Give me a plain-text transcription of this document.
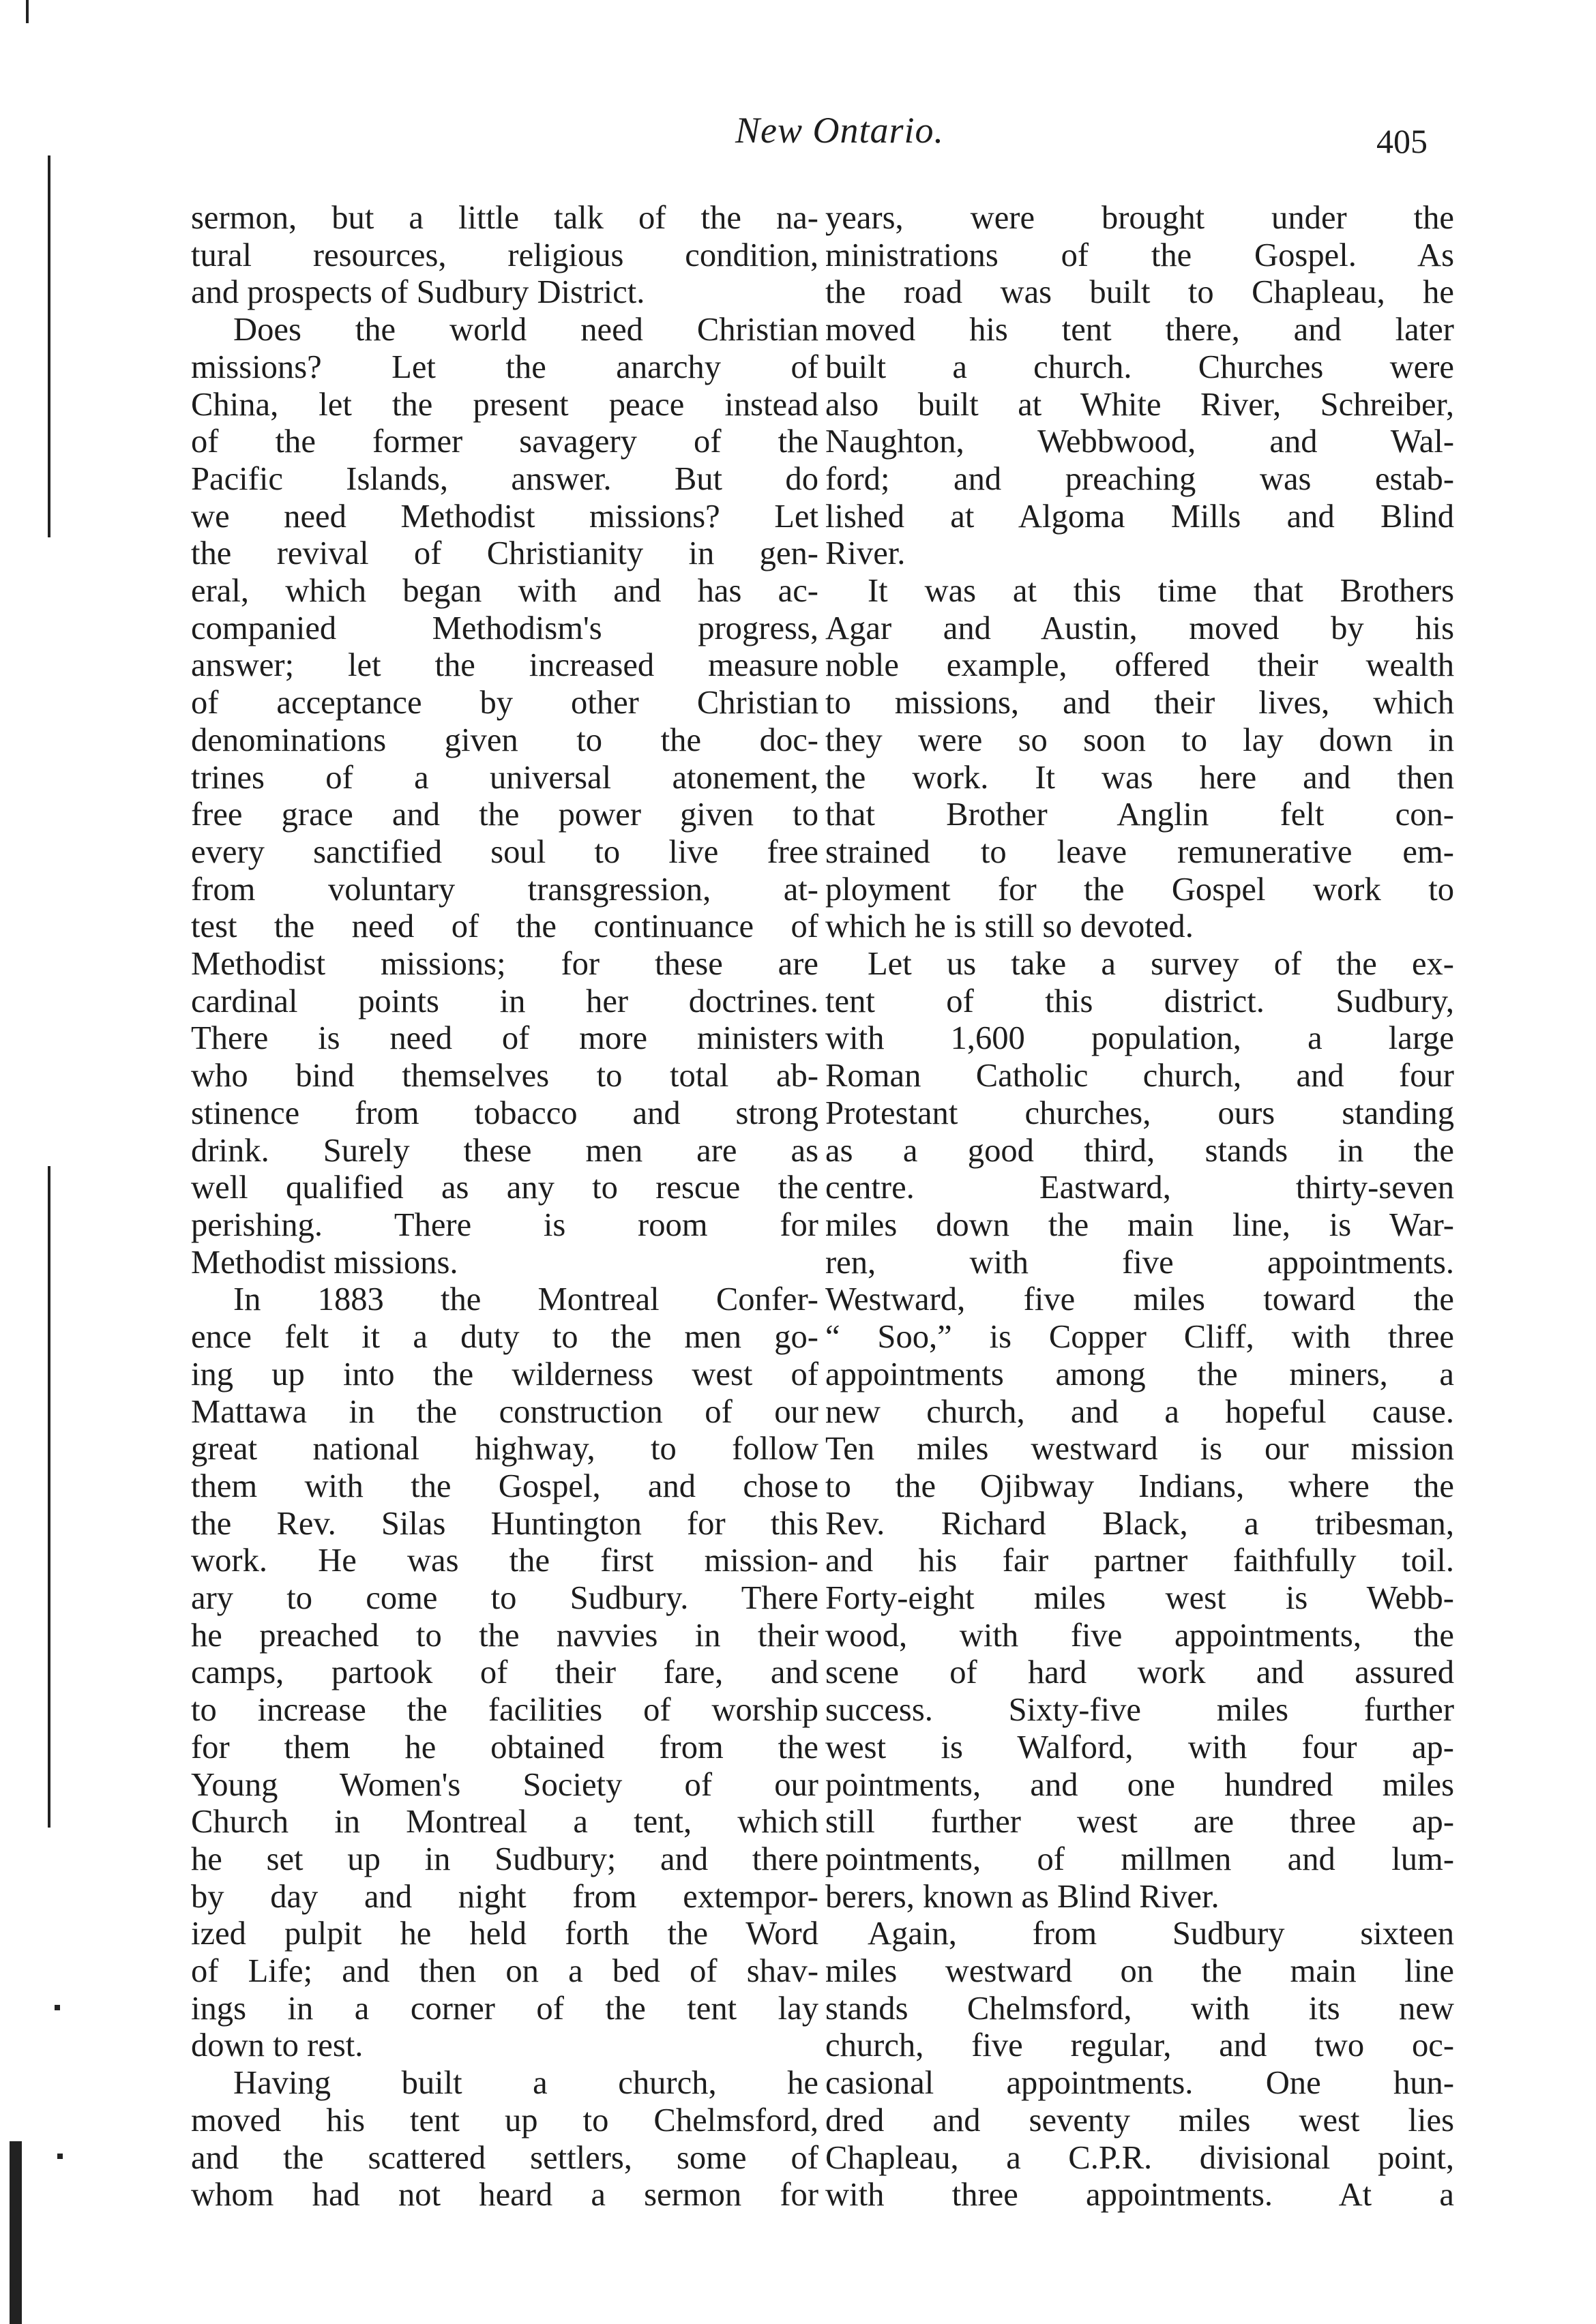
New Ontario.	405
sermon, but a little talk of the na-
tural resources, religious condition,
and prospects of Sudbury District.
Does the world need Christian
missions? Let the anarchy of
China, let the present peace instead
of the former savagery of the
Pacific Islands, answer. But do
we need Methodist missions? Let
the revival of Christianity in gen-
eral, which began with and has ac-
companied Methodism's progress,
answer; let the increased measure
of acceptance by other Christian
denominations given to the doc-
trines of a universal atonement,
free grace and the power given to
every sanctified soul to live free
from voluntary transgression, at-
test the need of the continuance of
Methodist missions; for these are
cardinal points in her doctrines.
There is need of more ministers
who bind themselves to total ab-
stinence from tobacco and strong
drink. Surely these men are as
well qualified as any to rescue the
perishing. There is room for
Methodist missions.
In 1883 the Montreal Confer-
ence felt it a duty to the men go-
ing up into the wilderness west of
Mattawa in the construction of our
great national highway, to follow
them with the Gospel, and chose
the Rev. Silas Huntington for this
work. He was the first mission-
ary to come to Sudbury. There
he preached to the navvies in their
camps, partook of their fare, and
to increase the facilities of worship
for them he obtained from the
Young Women's Society of our
Church in Montreal a tent, which
he set up in Sudbury; and there
by day and night from extempor-
ized pulpit he held forth the Word
of Life; and then on a bed of shav-
ings in a corner of the tent lay
down to rest.
Having built a church, he
moved his tent up to Chelmsford,
and the scattered settlers, some of
whom had not heard a sermon for
years, were brought under the
ministrations of the Gospel. As
the road was built to Chapleau, he
moved his tent there, and later
built a church. Churches were
also built at White River, Schreiber,
Naughton, Webbwood, and Wal-
ford; and preaching was estab-
lished at Algoma Mills and Blind
River.
It was at this time that Brothers
Agar and Austin, moved by his
noble example, offered their wealth
to missions, and their lives, which
they were so soon to lay down in
the work. It was here and then
that Brother Anglin felt con-
strained to leave remunerative em-
ployment for the Gospel work to
which he is still so devoted.
Let us take a survey of the ex-
tent of this district. Sudbury,
with 1,600 population, a large
Roman Catholic church, and four
Protestant churches, ours standing
as a good third, stands in the
centre. Eastward, thirty-seven
miles down the main line, is War-
ren, with five appointments.
Westward, five miles toward the
“ Soo,” is Copper Cliff, with three
appointments among the miners, a
new church, and a hopeful cause.
Ten miles westward is our mission
to the Ojibway Indians, where the
Rev. Richard Black, a tribesman,
and his fair partner faithfully toil.
Forty-eight miles west is Webb-
wood, with five appointments, the
scene of hard work and assured
success. Sixty-five miles further
west is Walford, with four ap-
pointments, and one hundred miles
still further west are three ap-
pointments, of millmen and lum-
berers, known as Blind River.
Again, from Sudbury sixteen
miles westward on the main line
stands Chelmsford, with its new
church, five regular, and two oc-
casional appointments. One hun-
dred and seventy miles west lies
Chapleau, a C.P.R. divisional point,
with three appointments. At a
